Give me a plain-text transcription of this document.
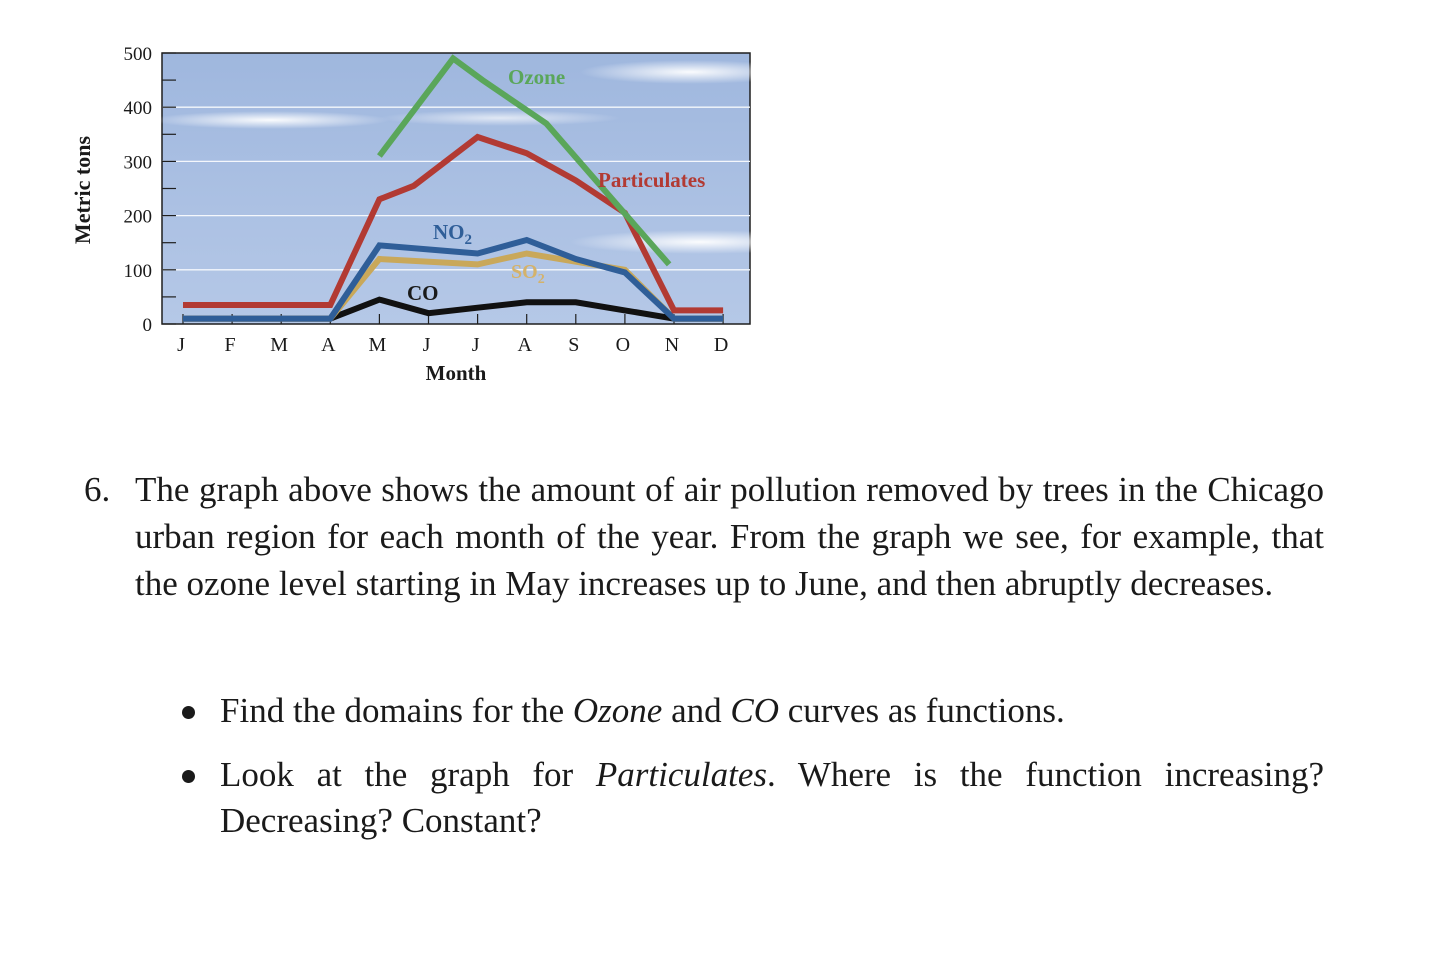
0
100
200
300
400
500
J F M A M J J A S O N D
Metric tons
Month
Ozone
Particulates
$NO_2$
$SO_2$
CO
6. The graph above shows the amount of air pollution removed by trees in the Chicago urban region for each month of the year. From the graph we see, for example, that the ozone level starting in May increases up to June, and then abruptly decreases.
Find the domains for the Ozone and CO curves as functions.
Look at the graph for Particulates. Where is the function increasing? Decreasing? Constant?
